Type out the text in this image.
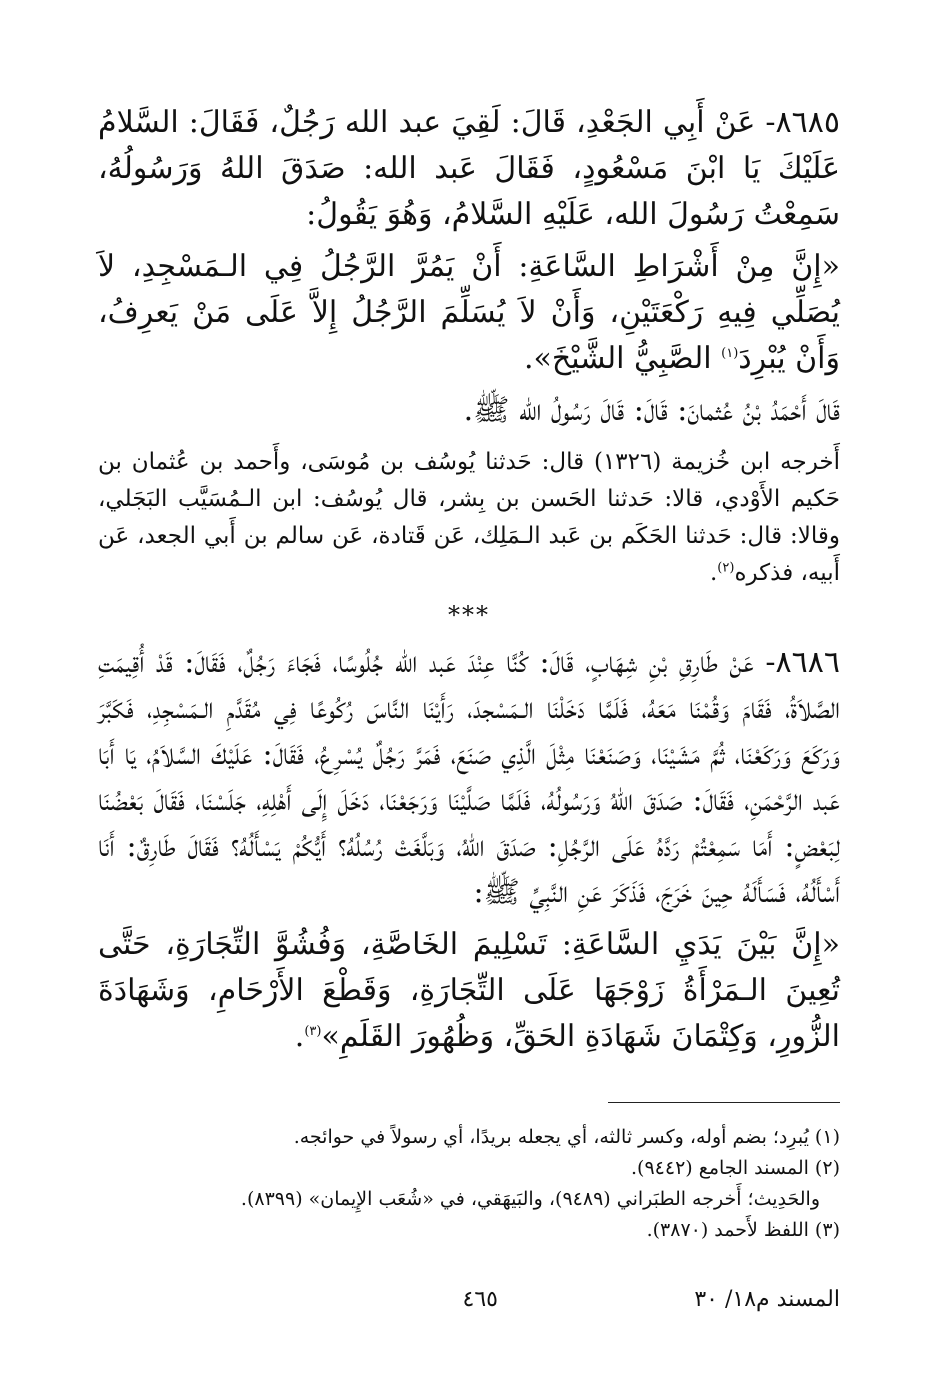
٨٦٨٥- عَنْ أَبِي الجَعْدِ، قَالَ: لَقِيَ عبد الله رَجُلٌ، فَقَالَ: السَّلامُ عَلَيْكَ يَا ابْنَ مَسْعُودٍ، فَقَالَ عَبد الله: صَدَقَ اللهُ وَرَسُولُهُ، سَمِعْتُ رَسُولَ الله، عَلَيْهِ السَّلامُ، وَهُوَ يَقُولُ:

«إِنَّ مِنْ أَشْرَاطِ السَّاعَةِ: أَنْ يَمُرَّ الرَّجُلُ فِي الـمَسْجِدِ، لاَ يُصَلِّي فِيهِ رَكْعَتَيْنِ، وَأَنْ لاَ يُسَلِّمَ الرَّجُلُ إِلاَّ عَلَى مَنْ يَعرِفُ، وَأَنْ يُبْرِدَ$^{(١)}$ الصَّبِيُّ الشَّيْخَ».

قَالَ أَحْمَدُ بْنُ عُثمانَ: قَالَ: قَالَ رَسُولُ الله ﷺ.

أَخرجه ابن خُزيمة (١٣٢٦) قال: حَدثنا يُوسُف بن مُوسَى، وأَحمد بن عُثمان بن حَكيم الأَوْدي، قالا: حَدثنا الحَسن بن بِشر، قال يُوسُف: ابن الـمُسَيَّب البَجَلي، وقالا: قال: حَدثنا الحَكَم بن عَبد الـمَلِك، عَن قَتادة، عَن سالم بن أَبي الجعد، عَن أَبيه، فذكره$^{(٢)}$.

***

٨٦٨٦- عَنْ طَارِقِ بْنِ شِهَابٍ، قَالَ: كُنَّا عِنْدَ عَبد الله جُلُوسًا، فَجَاءَ رَجُلٌ، فَقَالَ: قَدْ أُقِيمَتِ الصَّلاَةُ، فَقَامَ وَقُمْنَا مَعَهُ، فَلَمَّا دَخَلْنَا الـمَسْجدَ، رَأَيْنَا النَّاسَ رُكُوعًا فِي مُقَدَّمِ الـمَسْجِدِ، فَكَبَّرَ وَرَكَعَ وَرَكَعْنَا، ثُمَّ مَشَيْنَا، وَصَنَعْنَا مِثْلَ الَّذِي صَنَعَ، فَمَرَّ رَجُلٌ يُسْرِعُ، فَقَالَ: عَلَيْكَ السَّلاَمُ، يَا أَبَا عَبد الرَّحْمَنِ، فَقَالَ: صَدَقَ اللهُ وَرَسُولُهُ، فَلَمَّا صَلَّيْنَا وَرَجَعْنَا، دَخَلَ إِلَى أَهْلِهِ، جَلَسْنَا، فَقَالَ بَعْضُنَا لِبَعْضٍ: أَمَا سَمِعْتُمْ رَدَّهُ عَلَى الرَّجُلِ: صَدَقَ اللهُ، وَبَلَّغَتْ رُسُلُهُ؟ أَيُّكُمْ يَسْأَلُهُ؟ فَقَالَ طَارِقٌ: أَنَا أَسْأَلُهُ، فَسَأَلَهُ حِينَ خَرَجَ، فَذَكَرَ عَنِ النَّبِيِّ ﷺ:

«إِنَّ بَيْنَ يَدَيِ السَّاعَةِ: تَسْلِيمَ الخَاصَّةِ، وَفُشُوَّ التِّجَارَةِ، حَتَّى تُعِينَ الـمَرْأَةُ زَوْجَهَا عَلَى التِّجَارَةِ، وَقَطْعَ الأَرْحَامِ، وَشَهَادَةَ الزُّورِ، وَكِتْمَانَ شَهَادَةِ الحَقِّ، وَظُهُورَ القَلَمِ»$^{(٣)}$.

(١) يُبرِد؛ بضم أوله، وكسر ثالثه، أي يجعله بريدًا، أي رسولاً في حوائجه.

(٢) المسند الجامع (٩٤٤٢).

والحَدِيث؛ أَخرجه الطبَراني (٩٤٨٩)، والبَيهَقي، في «شُعَب الإِيمان» (٨٣٩٩).

(٣) اللفظ لأَحمد (٣٨٧٠).

المسند م١٨/ ٣٠
٤٦٥
